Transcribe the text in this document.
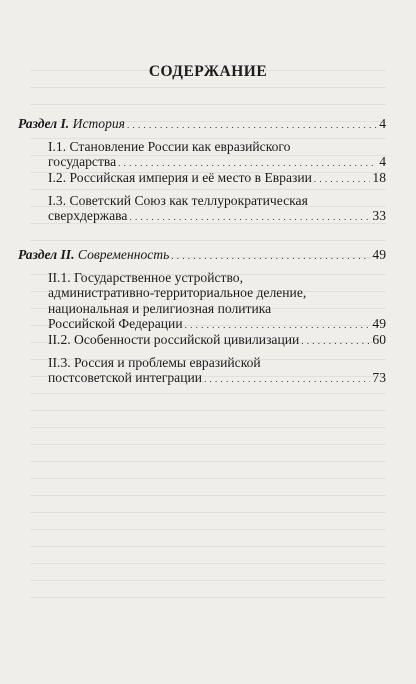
СОДЕРЖАНИЕ
Раздел I. История . . .	4
I.1. Становление России как евразийского
государства . . .	4
I.2. Российская империя и её место в Евразии . . .	18
I.3. Советский Союз как теллурократическая
сверхдержава . . .	33
Раздел II. Современность . . .	49
II.1. Государственное устройство,
административно-территориальное деление,
национальная и религиозная политика
Российской Федерации . . .	49
II.2. Особенности российской цивилизации . . .	60
II.3. Россия и проблемы евразийской
постсоветской интеграции . . .	73
